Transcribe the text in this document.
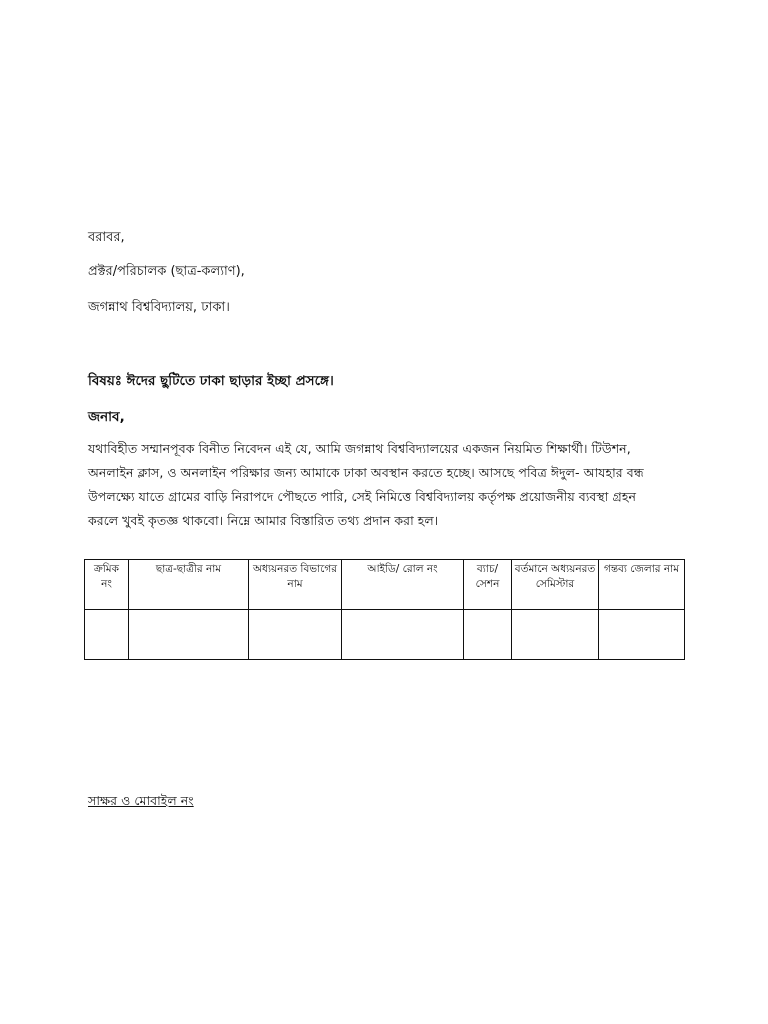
বরাবর,
প্রক্টর/পরিচালক (ছাত্র-কল্যাণ),
জগন্নাথ বিশ্ববিদ্যালয়, ঢাকা।
বিষয়ঃ ঈদের ছুটিতে ঢাকা ছাড়ার ইচ্ছা প্রসঙ্গে।
জনাব,
যথাবিহীত সম্মানপূবক বিনীত নিবেদন এই যে, আমি জগন্নাথ বিশ্ববিদ্যালয়ের একজন নিয়মিত শিক্ষার্থী। টিউশন,
অনলাইন ক্লাস, ও অনলাইন পরিক্ষার জন্য আমাকে ঢাকা অবস্থান করতে হচ্ছে। আসছে পবিত্র ঈদুল- আযহার বন্ধ
উপলক্ষ্যে যাতে গ্রামের বাড়ি নিরাপদে পৌছতে পারি, সেই নিমিত্তে বিশ্ববিদ্যালয় কর্তৃপক্ষ প্রয়োজনীয় ব্যবস্থা গ্রহন
করলে খুবই কৃতজ্ঞ থাকবো। নিম্নে আমার বিস্তারিত তথ্য প্রদান করা হল।
ক্রমিক নং	ছাত্র-ছাত্রীর নাম	অধ্যয়নরত বিভাগের নাম	আইডি/ রোল নং	ব্যাচ/ সেশন	বর্তমানে অধ্যয়নরত সেমিস্টার	গন্তব্য জেলার নাম

সাক্ষর ও মোবাইল নং
